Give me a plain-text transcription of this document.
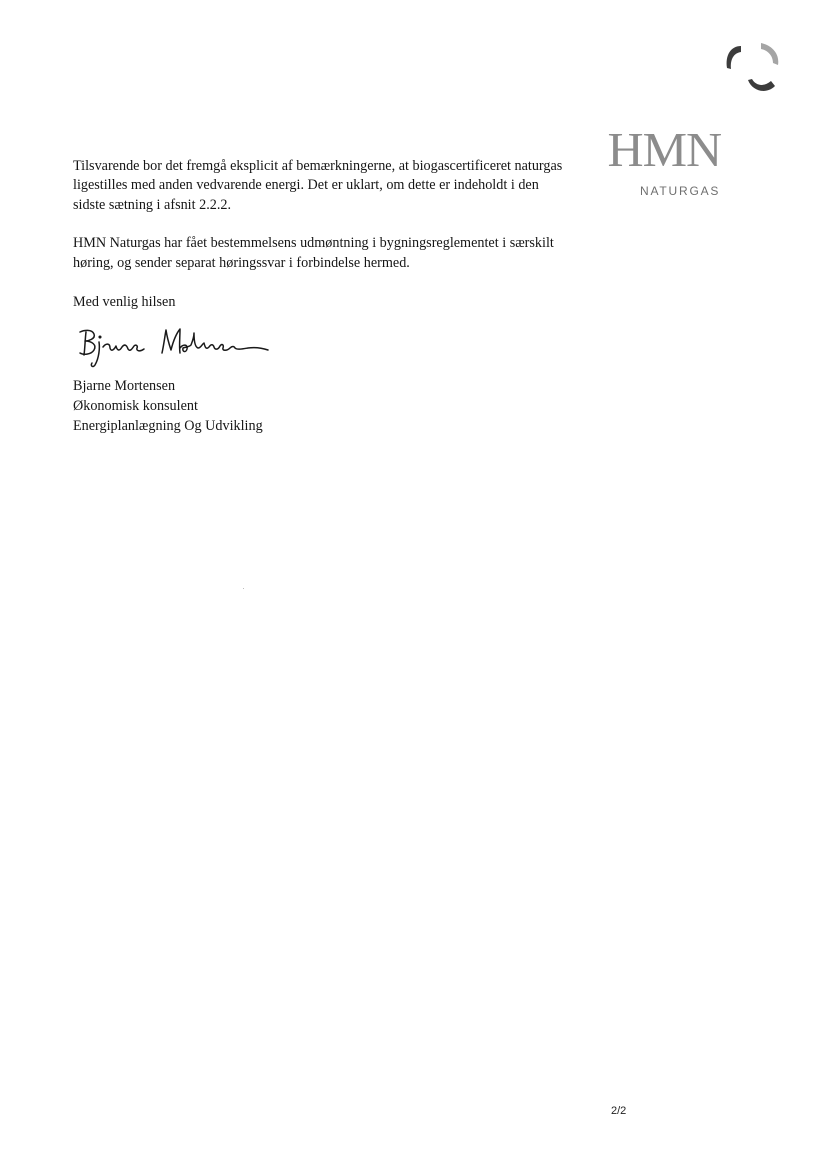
HMN
NATURGAS

Tilsvarende bor det fremgå eksplicit af bemærkningerne, at biogascertificeret naturgas ligestilles med anden vedvarende energi. Det er uklart, om dette er indeholdt i den sidste sætning i afsnit 2.2.2.

HMN Naturgas har fået bestemmelsens udmøntning i bygningsreglementet i særskilt høring, og sender separat høringssvar i forbindelse hermed.

Med venlig hilsen

Bjarne Mortensen
Økonomisk konsulent
Energiplanlægning Og Udvikling
2/2
